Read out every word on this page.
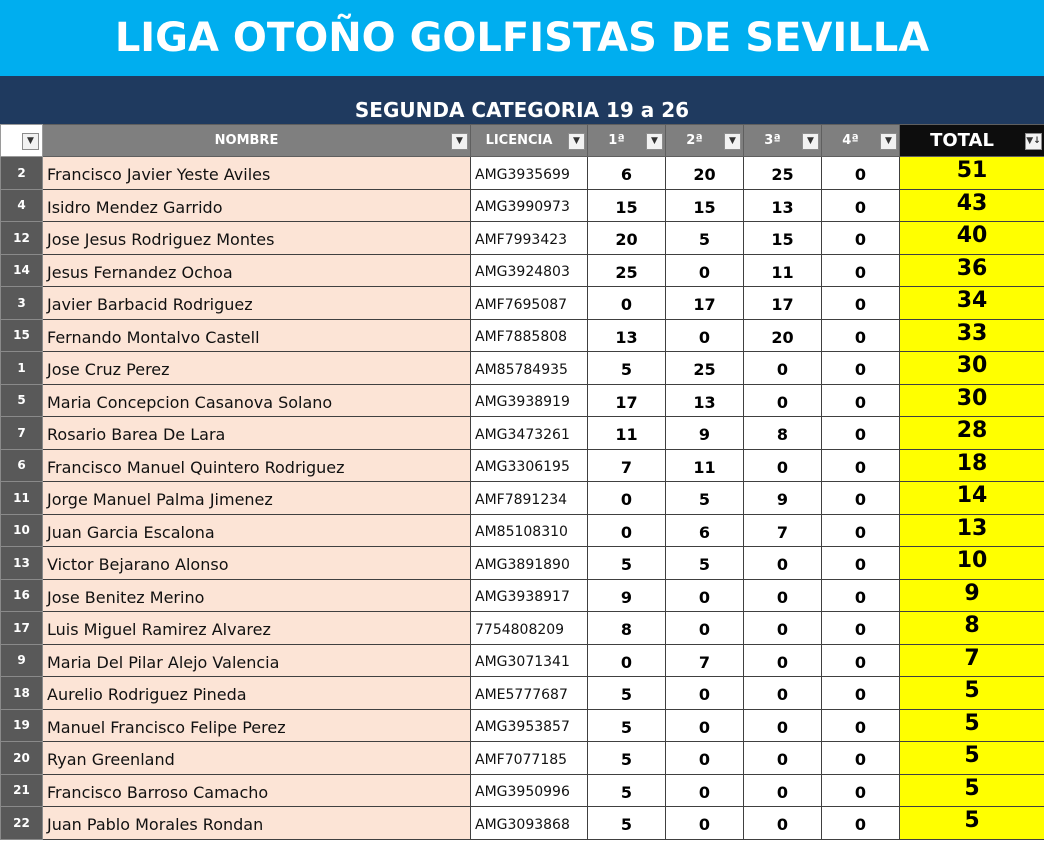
LIGA OTOÑO GOLFISTAS DE SEVILLA
SEGUNDA CATEGORIA 19 a 26
▼	NOMBRE ▼	LICENCIA ▼	1ª ▼	2ª ▼	3ª ▼	4ª ▼	TOTAL ▼↓

2	Francisco Javier Yeste Aviles	AMG3935699	6	20	25	0	51
4	Isidro Mendez Garrido	AMG3990973	15	15	13	0	43
12	Jose Jesus Rodriguez Montes	AMF7993423	20	5	15	0	40
14	Jesus Fernandez Ochoa	AMG3924803	25	0	11	0	36
3	Javier Barbacid Rodriguez	AMF7695087	0	17	17	0	34
15	Fernando Montalvo Castell	AMF7885808	13	0	20	0	33
1	Jose Cruz Perez	AM85784935	5	25	0	0	30
5	Maria Concepcion Casanova Solano	AMG3938919	17	13	0	0	30
7	Rosario Barea De Lara	AMG3473261	11	9	8	0	28
6	Francisco Manuel Quintero Rodriguez	AMG3306195	7	11	0	0	18
11	Jorge Manuel Palma Jimenez	AMF7891234	0	5	9	0	14
10	Juan Garcia Escalona	AM85108310	0	6	7	0	13
13	Victor Bejarano Alonso	AMG3891890	5	5	0	0	10
16	Jose Benitez Merino	AMG3938917	9	0	0	0	9
17	Luis Miguel Ramirez Alvarez	7754808209	8	0	0	0	8
9	Maria Del Pilar Alejo Valencia	AMG3071341	0	7	0	0	7
18	Aurelio Rodriguez Pineda	AME5777687	5	0	0	0	5
19	Manuel Francisco Felipe Perez	AMG3953857	5	0	0	0	5
20	Ryan Greenland	AMF7077185	5	0	0	0	5
21	Francisco Barroso Camacho	AMG3950996	5	0	0	0	5
22	Juan Pablo Morales Rondan	AMG3093868	5	0	0	0	5
